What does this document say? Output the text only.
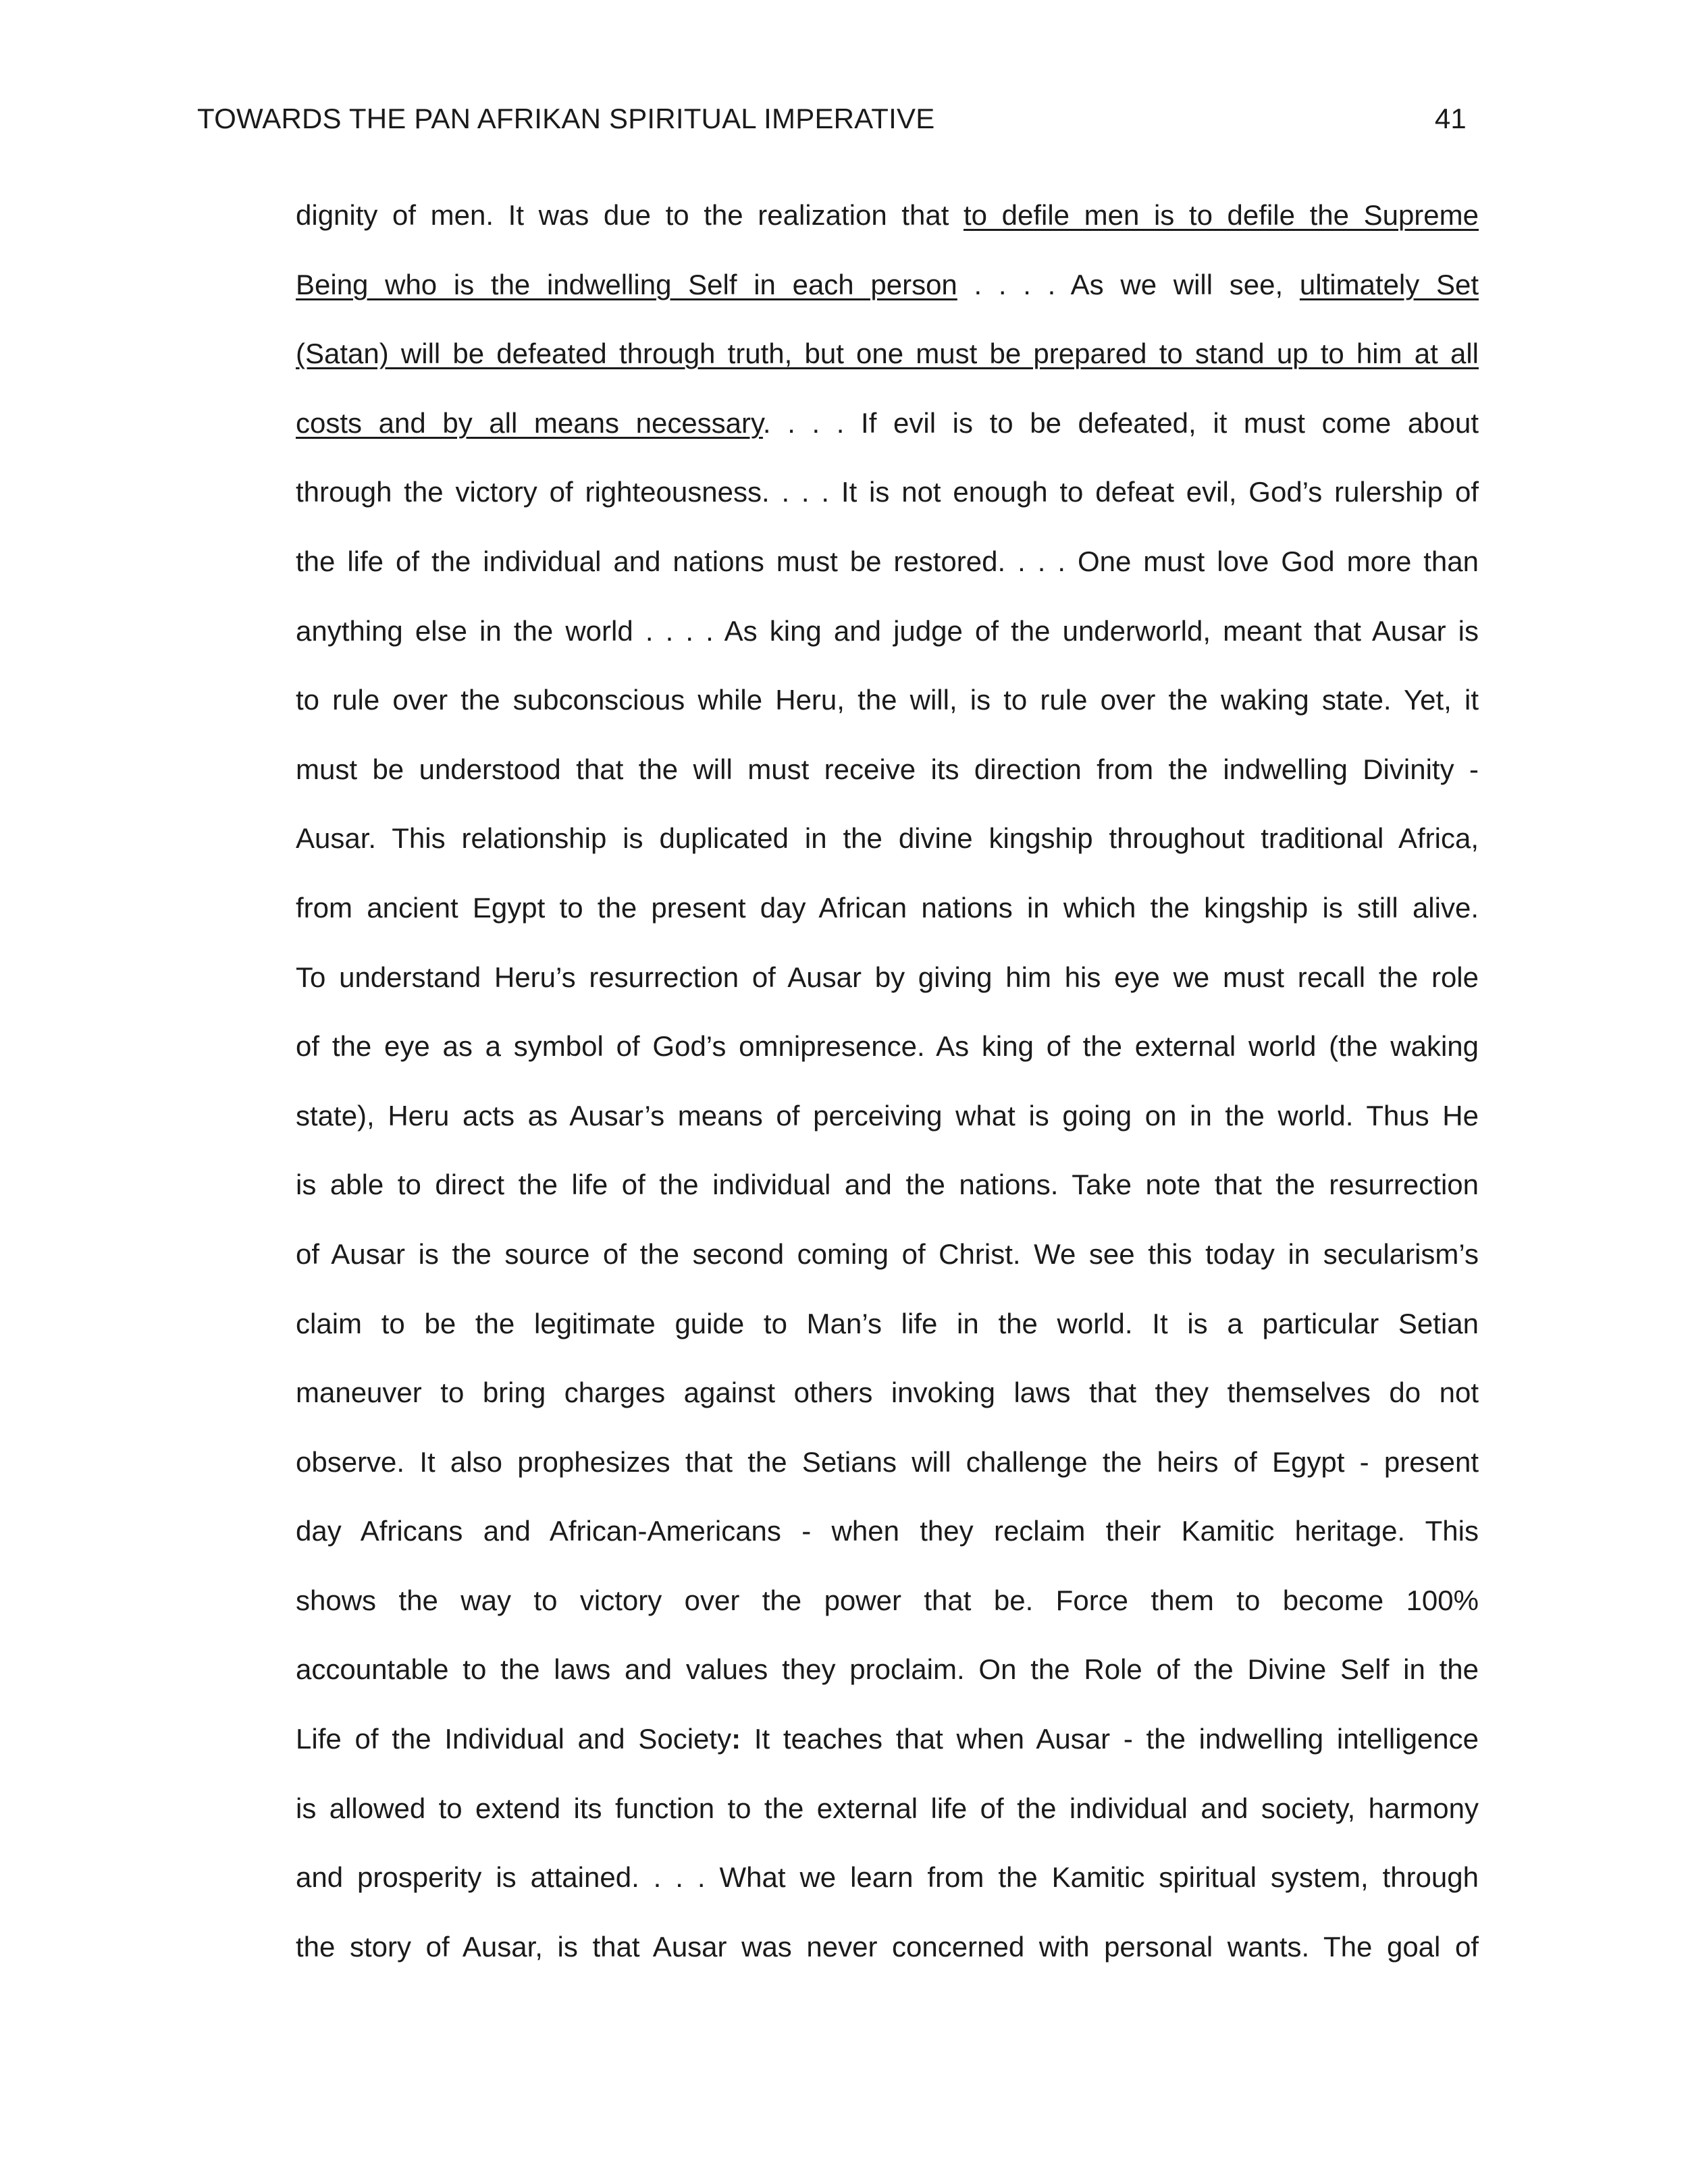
TOWARDS THE PAN AFRIKAN SPIRITUAL IMPERATIVE	41
dignity of men. It was due to the realization that to defile men is to defile the Supreme
Being who is the indwelling Self in each person . . . . As we will see, ultimately Set
(Satan) will be defeated through truth, but one must be prepared to stand up to him at all
costs and by all means necessary. . . . If evil is to be defeated, it must come about
through the victory of righteousness. . . . It is not enough to defeat evil, God’s rulership of
the life of the individual and nations must be restored. . . . One must love God more than
anything else in the world . . . . As king and judge of the underworld, meant that Ausar is
to rule over the subconscious while Heru, the will, is to rule over the waking state. Yet, it
must be understood that the will must receive its direction from the indwelling Divinity -
Ausar. This relationship is duplicated in the divine kingship throughout traditional Africa,
from ancient Egypt to the present day African nations in which the kingship is still alive.
To understand Heru’s resurrection of Ausar by giving him his eye we must recall the role
of the eye as a symbol of God’s omnipresence. As king of the external world (the waking
state), Heru acts as Ausar’s means of perceiving what is going on in the world. Thus He
is able to direct the life of the individual and the nations. Take note that the resurrection
of Ausar is the source of the second coming of Christ. We see this today in secularism’s
claim to be the legitimate guide to Man’s life in the world. It is a particular Setian
maneuver to bring charges against others invoking laws that they themselves do not
observe. It also prophesizes that the Setians will challenge the heirs of Egypt - present
day Africans and African-Americans - when they reclaim their Kamitic heritage. This
shows the way to victory over the power that be. Force them to become 100%
accountable to the laws and values they proclaim. On the Role of the Divine Self in the
Life of the Individual and Society: It teaches that when Ausar - the indwelling intelligence
is allowed to extend its function to the external life of the individual and society, harmony
and prosperity is attained. . . . What we learn from the Kamitic spiritual system, through
the story of Ausar, is that Ausar was never concerned with personal wants. The goal of
